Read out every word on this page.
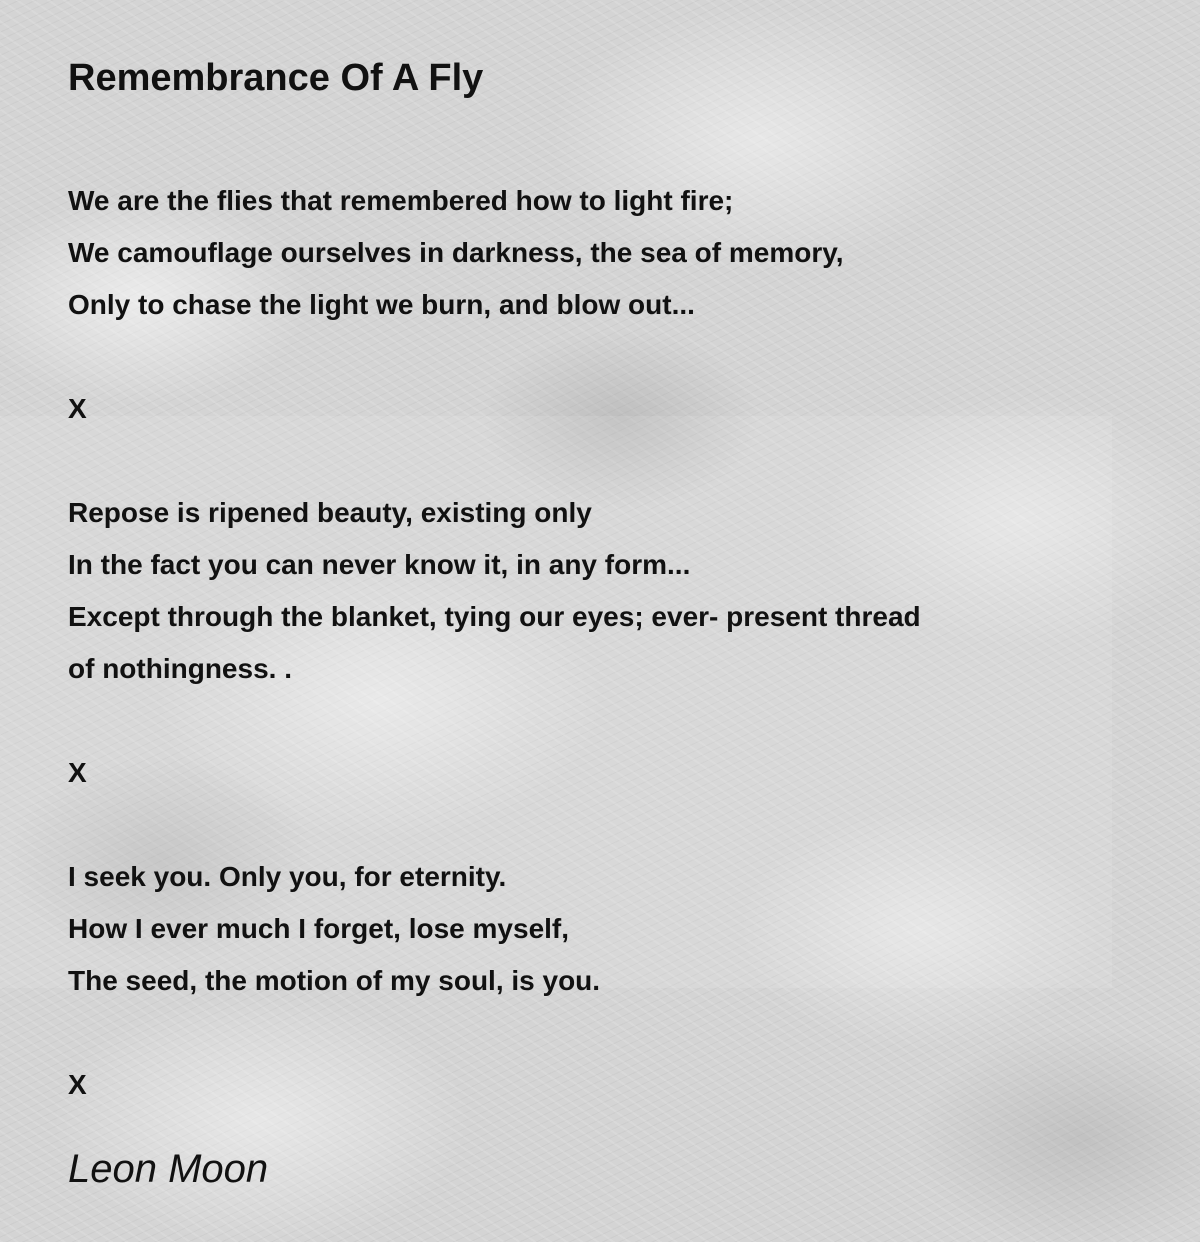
Remembrance Of A Fly
We are the flies that remembered how to light fire;
We camouflage ourselves in darkness, the sea of memory,
Only to chase the light we burn, and blow out...
X
Repose is ripened beauty, existing only
In the fact you can never know it, in any form...
Except through the blanket, tying our eyes; ever- present thread
of nothingness. .
X
I seek you. Only you, for eternity.
How I ever much I forget, lose myself,
The seed, the motion of my soul, is you.
X
Leon Moon
